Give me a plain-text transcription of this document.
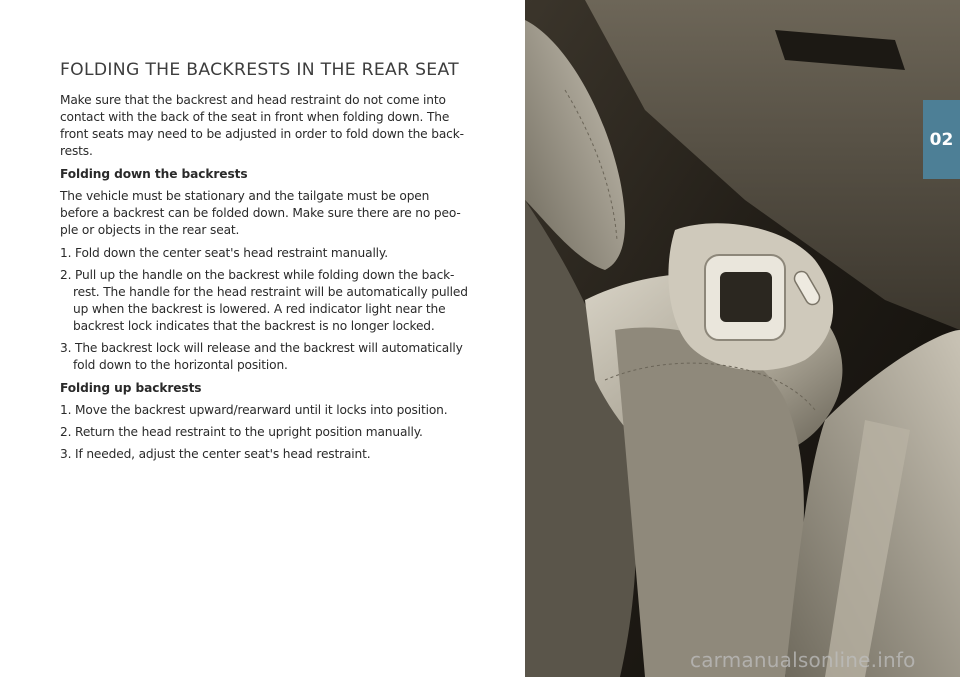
FOLDING THE BACKRESTS IN THE REAR SEAT

Make sure that the backrest and head restraint do not come into contact with the back of the seat in front when folding down. The front seats may need to be adjusted in order to fold down the back-rests.

Folding down the backrests

The vehicle must be stationary and the tailgate must be open before a backrest can be folded down. Make sure there are no peo-ple or objects in the rear seat.

1. Fold down the center seat's head restraint manually.
2. Pull up the handle on the backrest while folding down the back-rest. The handle for the head restraint will be automatically pulled up when the backrest is lowered. A red indicator light near the backrest lock indicates that the backrest is no longer locked.
3. The backrest lock will release and the backrest will automatically fold down to the horizontal position.
Folding up backrests
1. Move the backrest upward/rearward until it locks into position.
2. Return the head restraint to the upright position manually.
3. If needed, adjust the center seat's head restraint.
02
carmanualsonline.info
